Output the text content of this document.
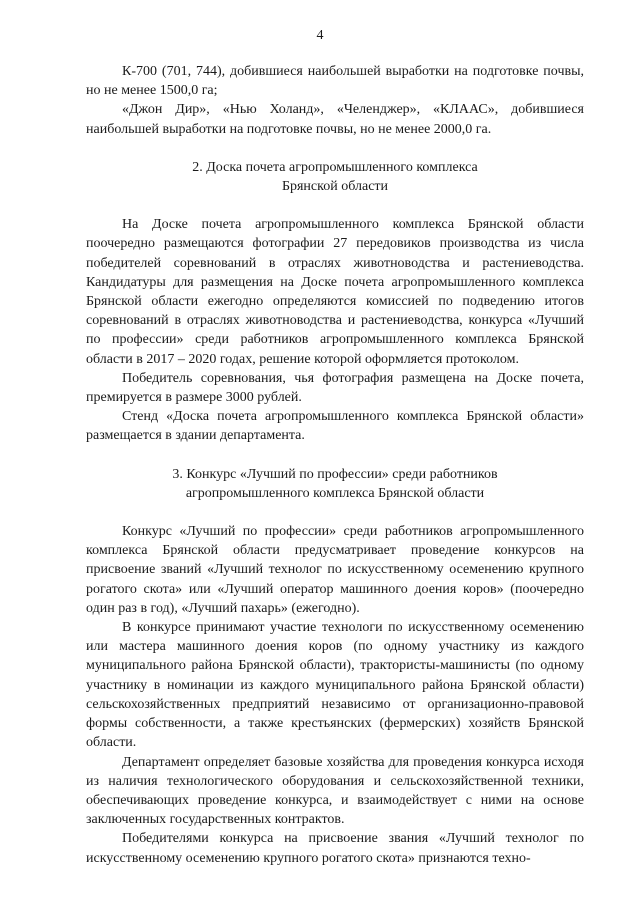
4

К-700 (701, 744), добившиеся наибольшей выработки на подготовке почвы, но не менее 1500,0 га;

«Джон Дир», «Нью Холанд», «Челенджер», «КЛААС», добившиеся наибольшей выработки на подготовке почвы, но не менее 2000,0 га.

2. Доска почета агропромышленного комплекса
Брянской области

На Доске почета агропромышленного комплекса Брянской области поочередно размещаются фотографии 27 передовиков производства из числа победителей соревнований в отраслях животноводства и растениеводства. Кандидатуры для размещения на Доске почета агропромышленного комплекса Брянской области ежегодно определяются комиссией по подведению итогов соревнований в отраслях животноводства и растениеводства, конкурса «Лучший по профессии» среди работников агропромышленного комплекса Брянской области в 2017 – 2020 годах, решение которой оформляется протоколом.

Победитель соревнования, чья фотография размещена на Доске почета, премируется в размере 3000 рублей.

Стенд «Доска почета агропромышленного комплекса Брянской области» размещается в здании департамента.

3. Конкурс «Лучший по профессии» среди работников
агропромышленного комплекса Брянской области

Конкурс «Лучший по профессии» среди работников агропромышленного комплекса Брянской области предусматривает проведение конкурсов на присвоение званий «Лучший технолог по искусственному осеменению крупного рогатого скота» или «Лучший оператор машинного доения коров» (поочередно один раз в год), «Лучший пахарь» (ежегодно).

В конкурсе принимают участие технологи по искусственному осеменению или мастера машинного доения коров (по одному участнику из каждого муниципального района Брянской области), трактористы-машинисты (по одному участнику в номинации из каждого муниципального района Брянской области) сельскохозяйственных предприятий независимо от организационно-правовой формы собственности, а также крестьянских (фермерских) хозяйств Брянской области.

Департамент определяет базовые хозяйства для проведения конкурса исходя из наличия технологического оборудования и сельскохозяйственной техники, обеспечивающих проведение конкурса, и взаимодействует с ними на основе заключенных государственных контрактов.

Победителями конкурса на присвоение звания «Лучший технолог по искусственному осеменению крупного рогатого скота» признаются техно-
